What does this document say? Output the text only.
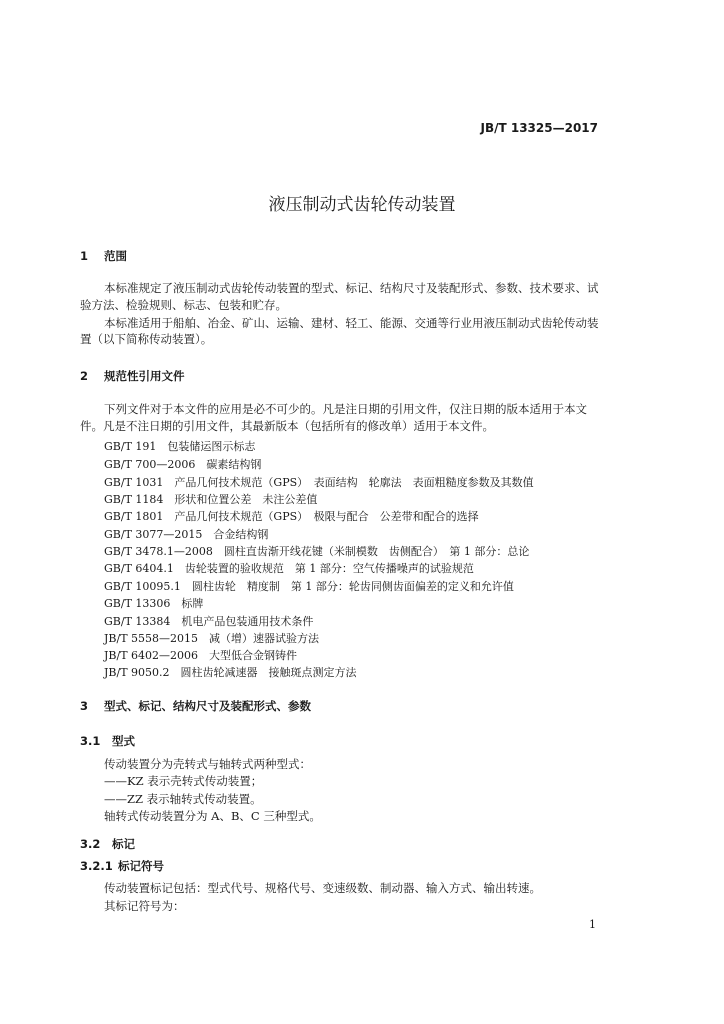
JB/T 13325—2017
液压制动式齿轮传动装置
1 范围
本标准规定了液压制动式齿轮传动装置的型式、标记、结构尺寸及装配形式、参数、技术要求、试
验方法、检验规则、标志、包装和贮存。
本标准适用于船舶、冶金、矿山、运输、建材、轻工、能源、交通等行业用液压制动式齿轮传动装
置（以下简称传动装置）。
2 规范性引用文件
下列文件对于本文件的应用是必不可少的。凡是注日期的引用文件，仅注日期的版本适用于本文
件。凡是不注日期的引用文件，其最新版本（包括所有的修改单）适用于本文件。
GB/T 191　包装储运图示标志
GB/T 700—2006　碳素结构钢
GB/T 1031　产品几何技术规范（GPS）　表面结构　轮廓法　表面粗糙度参数及其数值
GB/T 1184　形状和位置公差　未注公差值
GB/T 1801　产品几何技术规范（GPS）　极限与配合　公差带和配合的选择
GB/T 3077—2015　合金结构钢
GB/T 3478.1—2008　圆柱直齿渐开线花键（米制模数　齿侧配合）　第 1 部分：总论
GB/T 6404.1　齿轮装置的验收规范　第 1 部分：空气传播噪声的试验规范
GB/T 10095.1　圆柱齿轮　精度制　第 1 部分：轮齿同侧齿面偏差的定义和允许值
GB/T 13306　标牌
GB/T 13384　机电产品包装通用技术条件
JB/T 5558—2015　减（增）速器试验方法
JB/T 6402—2006　大型低合金钢铸件
JB/T 9050.2　圆柱齿轮减速器　接触斑点测定方法
3 型式、标记、结构尺寸及装配形式、参数
3.1 型式
传动装置分为壳转式与轴转式两种型式：
——KZ 表示壳转式传动装置；
——ZZ 表示轴转式传动装置。
轴转式传动装置分为 A、B、C 三种型式。
3.2 标记
3.2.1 标记符号
传动装置标记包括：型式代号、规格代号、变速级数、制动器、输入方式、输出转速。
其标记符号为：
1
